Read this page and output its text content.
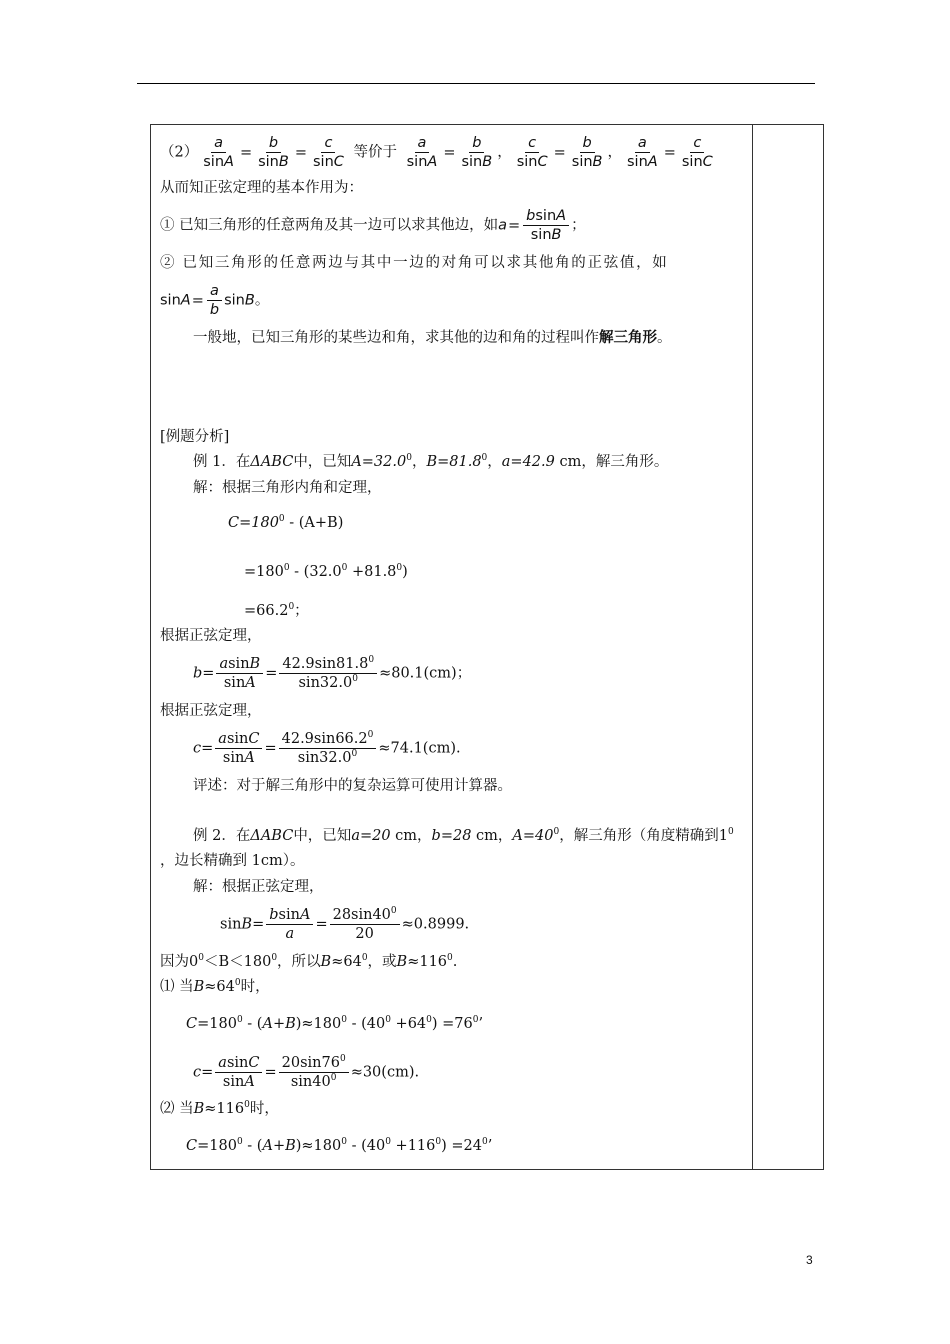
$(2) \frac{a}{\sin A} = \frac{b}{\sin B} = \frac{c}{\sin C}$ 等价于 $\frac{a}{\sin A} = \frac{b}{\sin B}$ ， $\frac{c}{\sin C} = \frac{b}{\sin B}$ ， $\frac{a}{\sin A} = \frac{c}{\sin C}$
从而知正弦定理的基本作用为：
① 已知三角形的任意两角及其一边可以求其他边，如$a= \frac{bsinA}{\sin B}$ ；
② 已知三角形的任意两边与其中一边的对角可以求其他角的正弦值，如
$\sin A= \frac{a}{b}$ sinB。
一般地，已知三角形的某些边和角，求其他的边和角的过程叫作解三角形。
[例题分析]
例 1．在ΔABC中，已知$A=32.0^0$，$B=81.8^0$，a=42.9 cm，解三角形。
解：根据三角形内角和定理，
$C=180^0 - (A+B)$
$=180^0 - (32.0^0 +81.8^0)$
$=66.2^0$；
根据正弦定理，
$b= \frac{asinB}{\sin A} = \frac{42.9\sin 81.8^0}{\sin 32.0^0} \approx 80.1(cm)$；
根据正弦定理，
$c= \frac{asinC}{\sin A} = \frac{42.9\sin 66.2^0}{\sin 32.0^0} \approx 74.1(cm)$.
评述：对于解三角形中的复杂运算可使用计算器。
例 2．在ΔABC中，已知a=20 cm，b=28 cm，$A=40^0$，解三角形（角度精确到$1^0$
，边长精确到 1cm）。
解：根据正弦定理，
$\sin B= \frac{bsinA}{a} = \frac{28\sin 40^0}{20} \approx 0.8999$.
因为$0^0<B<180^0$，所以$B\approx 64^0$，或$B\approx 116^0$.
⑴ 当$B\approx 64^0$时，
$C=180^0 - (A+B)\approx 180^0 - (40^0 +64^0) =76^0$’
$c= \frac{asinC}{\sin A} = \frac{20\sin 76^0}{\sin 40^0} \approx 30(cm)$.
⑵ 当$B\approx 116^0$时，
$C=180^0 - (A+B)\approx 180^0 - (40^0 +116^0) =24^0$’
3
